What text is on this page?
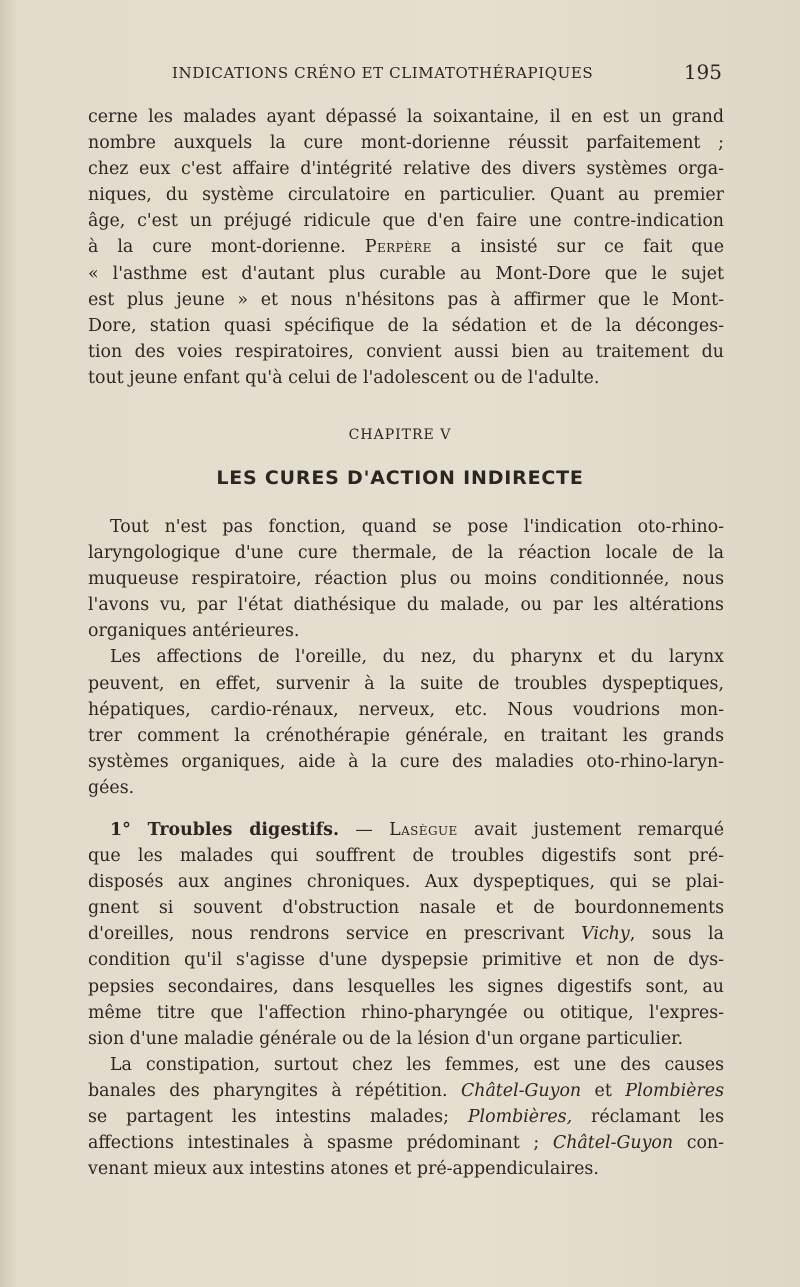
INDICATIONS CRÉNO ET CLIMATOTHÉRAPIQUES	195
cerne les malades ayant dépassé la soixantaine, il en est un grand
nombre auxquels la cure mont-dorienne réussit parfaitement ;
chez eux c'est affaire d'intégrité relative des divers systèmes orga-
niques, du système circulatoire en particulier. Quant au premier
âge, c'est un préjugé ridicule que d'en faire une contre-indication
à la cure mont-dorienne. Perpère a insisté sur ce fait que
« l'asthme est d'autant plus curable au Mont-Dore que le sujet
est plus jeune » et nous n'hésitons pas à affirmer que le Mont-
Dore, station quasi spécifique de la sédation et de la déconges-
tion des voies respiratoires, convient aussi bien au traitement du
tout jeune enfant qu'à celui de l'adolescent ou de l'adulte.
CHAPITRE V
LES CURES D'ACTION INDIRECTE
Tout n'est pas fonction, quand se pose l'indication oto-rhino-
laryngologique d'une cure thermale, de la réaction locale de la
muqueuse respiratoire, réaction plus ou moins conditionnée, nous
l'avons vu, par l'état diathésique du malade, ou par les altérations
organiques antérieures.
Les affections de l'oreille, du nez, du pharynx et du larynx
peuvent, en effet, survenir à la suite de troubles dyspeptiques,
hépatiques, cardio-rénaux, nerveux, etc. Nous voudrions mon-
trer comment la crénothérapie générale, en traitant les grands
systèmes organiques, aide à la cure des maladies oto-rhino-laryn-
gées.
1° Troubles digestifs. — Lasègue avait justement remarqué
que les malades qui souffrent de troubles digestifs sont pré-
disposés aux angines chroniques. Aux dyspeptiques, qui se plai-
gnent si souvent d'obstruction nasale et de bourdonnements
d'oreilles, nous rendrons service en prescrivant Vichy, sous la
condition qu'il s'agisse d'une dyspepsie primitive et non de dys-
pepsies secondaires, dans lesquelles les signes digestifs sont, au
même titre que l'affection rhino-pharyngée ou otitique, l'expres-
sion d'une maladie générale ou de la lésion d'un organe particulier.
La constipation, surtout chez les femmes, est une des causes
banales des pharyngites à répétition. Châtel-Guyon et Plombières
se partagent les intestins malades; Plombières, réclamant les
affections intestinales à spasme prédominant ; Châtel-Guyon con-
venant mieux aux intestins atones et pré-appendiculaires.
